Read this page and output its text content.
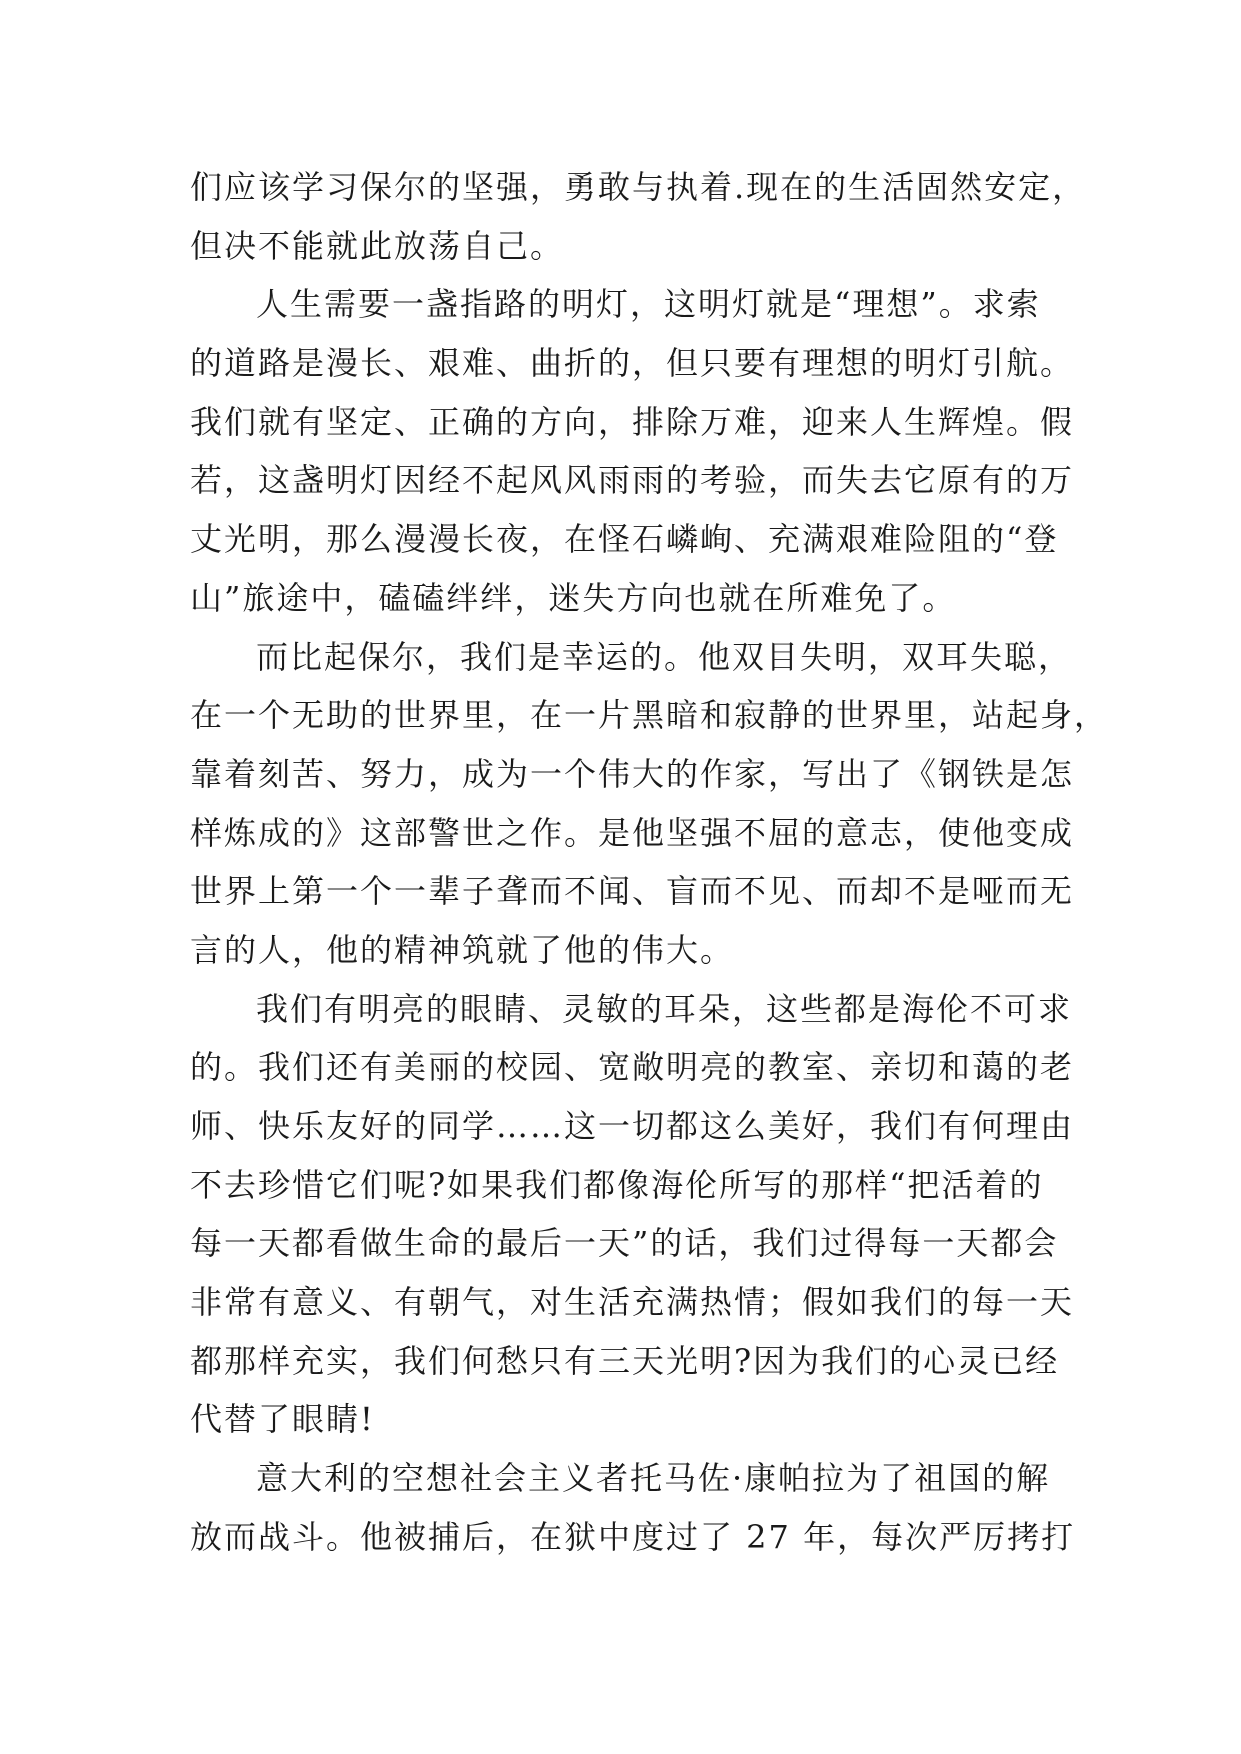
们应该学习保尔的坚强，勇敢与执着.现在的生活固然安定，
但决不能就此放荡自己。
人生需要一盏指路的明灯，这明灯就是“理想”。求索
的道路是漫长、艰难、曲折的，但只要有理想的明灯引航。
我们就有坚定、正确的方向，排除万难，迎来人生辉煌。假
若，这盏明灯因经不起风风雨雨的考验，而失去它原有的万
丈光明，那么漫漫长夜，在怪石嶙峋、充满艰难险阻的“登
山”旅途中，磕磕绊绊，迷失方向也就在所难免了。
而比起保尔，我们是幸运的。他双目失明，双耳失聪，
在一个无助的世界里，在一片黑暗和寂静的世界里，站起身，
靠着刻苦、努力，成为一个伟大的作家，写出了《钢铁是怎
样炼成的》这部警世之作。是他坚强不屈的意志，使他变成
世界上第一个一辈子聋而不闻、盲而不见、而却不是哑而无
言的人，他的精神筑就了他的伟大。
我们有明亮的眼睛、灵敏的耳朵，这些都是海伦不可求
的。我们还有美丽的校园、宽敞明亮的教室、亲切和蔼的老
师、快乐友好的同学……这一切都这么美好，我们有何理由
不去珍惜它们呢?如果我们都像海伦所写的那样“把活着的
每一天都看做生命的最后一天”的话，我们过得每一天都会
非常有意义、有朝气，对生活充满热情；假如我们的每一天
都那样充实，我们何愁只有三天光明?因为我们的心灵已经
代替了眼睛!
意大利的空想社会主义者托马佐·康帕拉为了祖国的解
放而战斗。他被捕后，在狱中度过了 27 年，每次严厉拷打
